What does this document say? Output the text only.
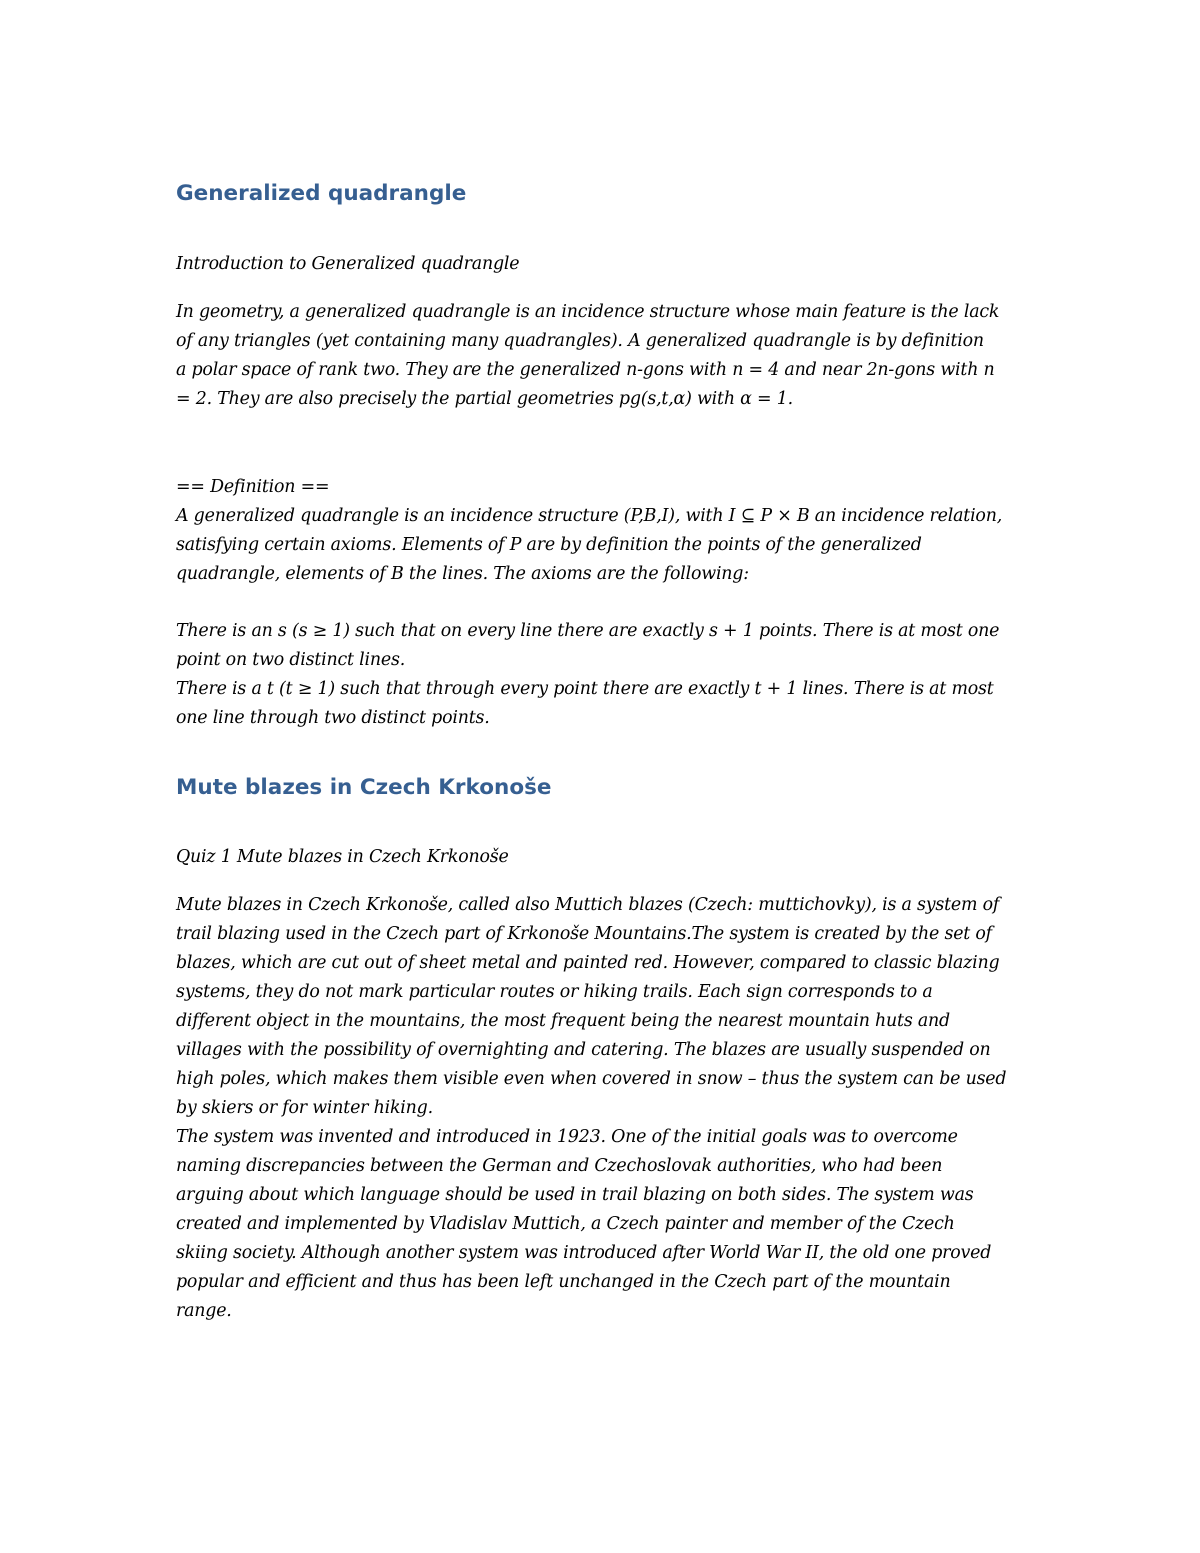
Generalized quadrangle

Introduction to Generalized quadrangle

In geometry, a generalized quadrangle is an incidence structure whose main feature is the lack
of any triangles (yet containing many quadrangles). A generalized quadrangle is by definition
a polar space of rank two. They are the generalized n-gons with n = 4 and near 2n-gons with n
= 2. They are also precisely the partial geometries pg(s,t,α) with α = 1.

== Definition ==
A generalized quadrangle is an incidence structure (P,B,I), with I ⊆ P × B an incidence relation,
satisfying certain axioms. Elements of P are by definition the points of the generalized
quadrangle, elements of B the lines. The axioms are the following:

There is an s (s ≥ 1) such that on every line there are exactly s + 1 points. There is at most one
point on two distinct lines.
There is a t (t ≥ 1) such that through every point there are exactly t + 1 lines. There is at most
one line through two distinct points.

Mute blazes in Czech Krkonoše

Quiz 1 Mute blazes in Czech Krkonoše

Mute blazes in Czech Krkonoše, called also Muttich blazes (Czech: muttichovky), is a system of
trail blazing used in the Czech part of Krkonoše Mountains.The system is created by the set of
blazes, which are cut out of sheet metal and painted red. However, compared to classic blazing
systems, they do not mark particular routes or hiking trails. Each sign corresponds to a
different object in the mountains, the most frequent being the nearest mountain huts and
villages with the possibility of overnighting and catering. The blazes are usually suspended on
high poles, which makes them visible even when covered in snow – thus the system can be used
by skiers or for winter hiking.
The system was invented and introduced in 1923. One of the initial goals was to overcome
naming discrepancies between the German and Czechoslovak authorities, who had been
arguing about which language should be used in trail blazing on both sides. The system was
created and implemented by Vladislav Muttich, a Czech painter and member of the Czech
skiing society. Although another system was introduced after World War II, the old one proved
popular and efficient and thus has been left unchanged in the Czech part of the mountain
range.
